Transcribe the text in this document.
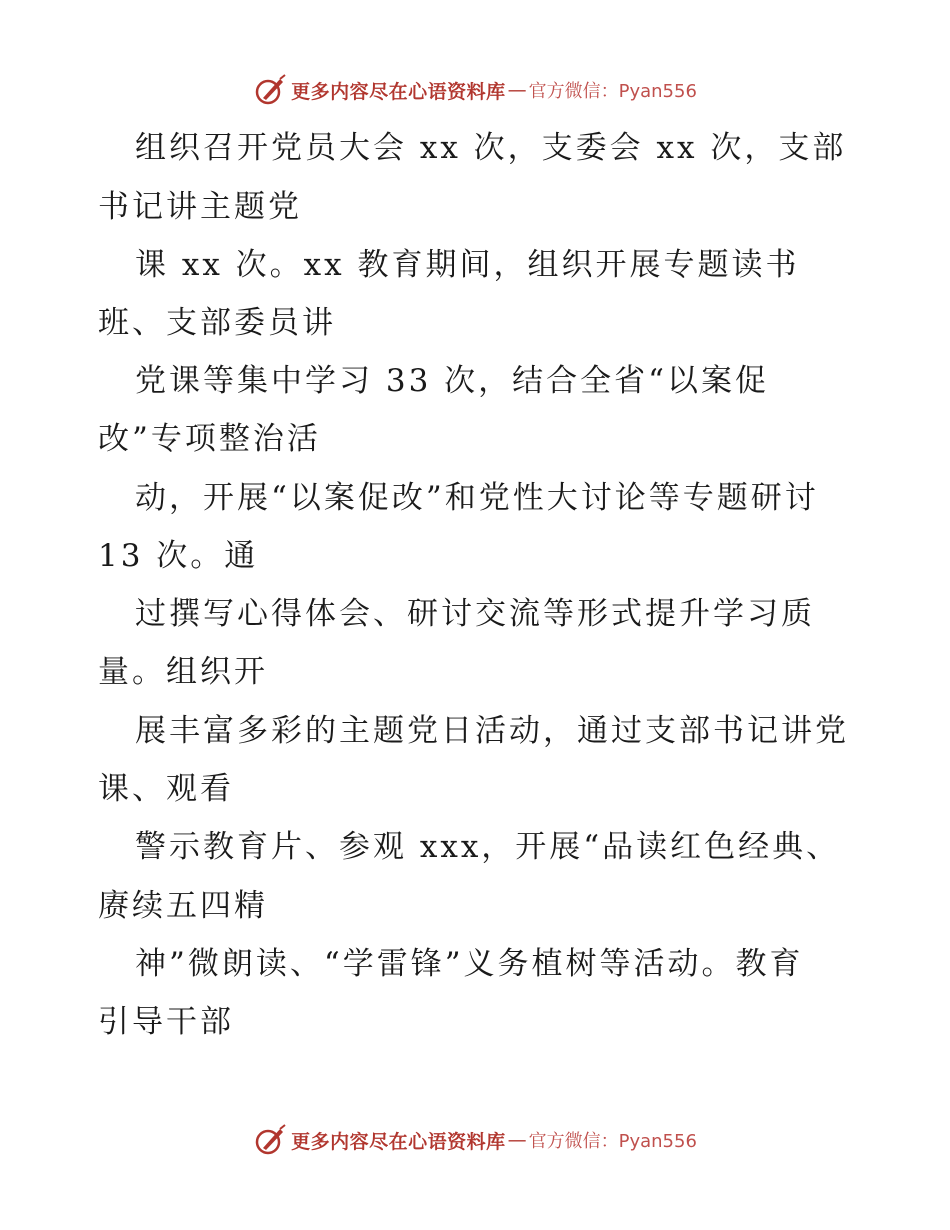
更多内容尽在心语资料库 — 官方微信：Pyan556
组织召开党员大会 xx 次，支委会 xx 次，支部
书记讲主题党
课 xx 次。xx 教育期间，组织开展专题读书
班、支部委员讲
党课等集中学习 33 次，结合全省“以案促
改”专项整治活
动，开展“以案促改”和党性大讨论等专题研讨
13 次。通
过撰写心得体会、研讨交流等形式提升学习质
量。组织开
展丰富多彩的主题党日活动，通过支部书记讲党
课、观看
警示教育片、参观 xxx，开展“品读红色经典、
赓续五四精
神”微朗读、“学雷锋”义务植树等活动。教育
引导干部
更多内容尽在心语资料库 — 官方微信：Pyan556
